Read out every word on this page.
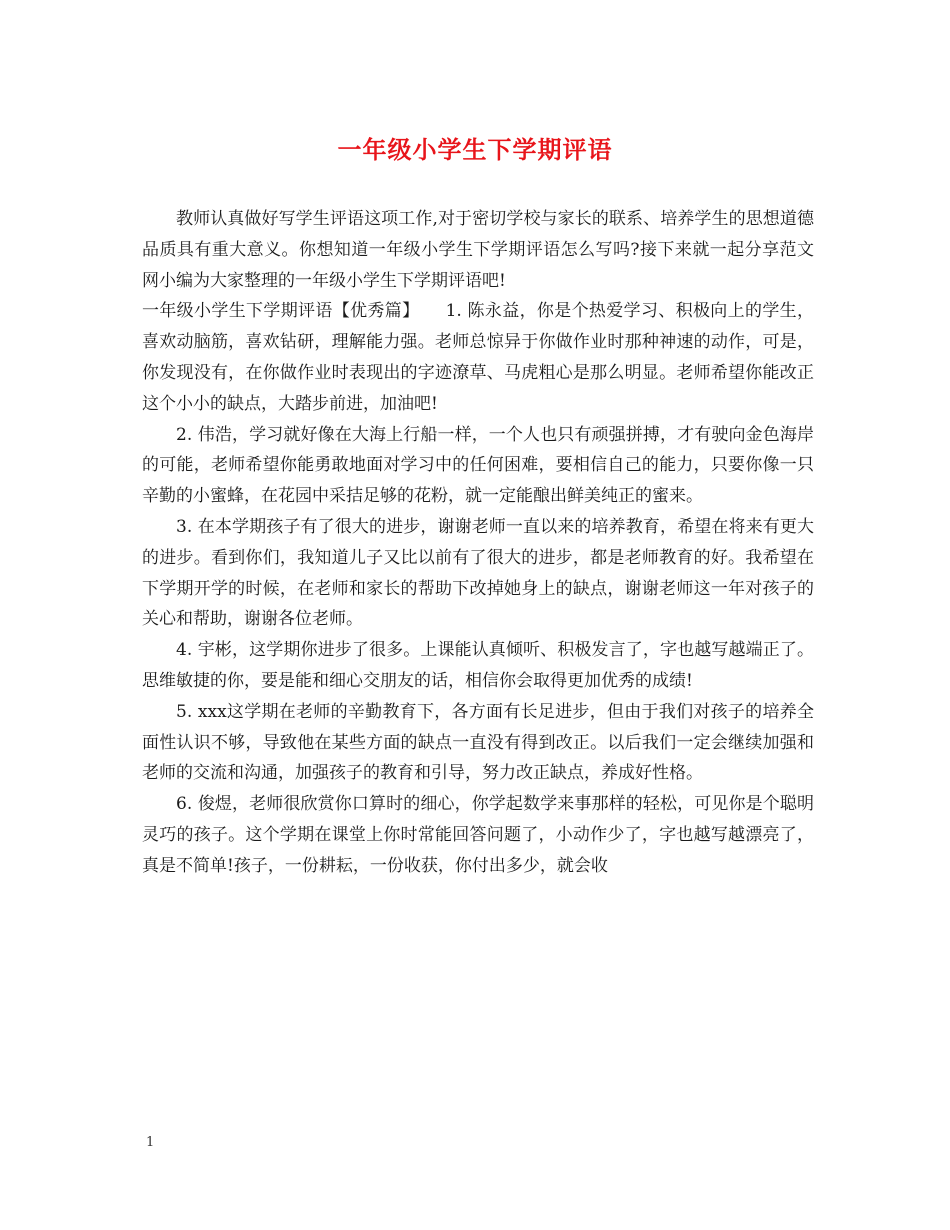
一年级小学生下学期评语

教师认真做好写学生评语这项工作,对于密切学校与家长的联系、培养学生的思想道德品质具有重大意义。你想知道一年级小学生下学期评语怎么写吗?接下来就一起分享范文网小编为大家整理的一年级小学生下学期评语吧!

一年级小学生下学期评语【优秀篇】　　1. 陈永益，你是个热爱学习、积极向上的学生，喜欢动脑筋，喜欢钻研，理解能力强。老师总惊异于你做作业时那种神速的动作，可是，你发现没有，在你做作业时表现出的字迹潦草、马虎粗心是那么明显。老师希望你能改正这个小小的缺点，大踏步前进，加油吧!

2. 伟浩，学习就好像在大海上行船一样，一个人也只有顽强拼搏，才有驶向金色海岸的可能，老师希望你能勇敢地面对学习中的任何困难，要相信自己的能力，只要你像一只辛勤的小蜜蜂，在花园中采拮足够的花粉，就一定能酿出鲜美纯正的蜜来。

3. 在本学期孩子有了很大的进步，谢谢老师一直以来的培养教育，希望在将来有更大的进步。看到你们，我知道儿子又比以前有了很大的进步，都是老师教育的好。我希望在下学期开学的时候，在老师和家长的帮助下改掉她身上的缺点，谢谢老师这一年对孩子的关心和帮助，谢谢各位老师。

4. 宇彬，这学期你进步了很多。上课能认真倾听、积极发言了，字也越写越端正了。思维敏捷的你，要是能和细心交朋友的话，相信你会取得更加优秀的成绩!

5. xxx这学期在老师的辛勤教育下，各方面有长足进步，但由于我们对孩子的培养全面性认识不够，导致他在某些方面的缺点一直没有得到改正。以后我们一定会继续加强和老师的交流和沟通，加强孩子的教育和引导，努力改正缺点，养成好性格。

6. 俊煜，老师很欣赏你口算时的细心，你学起数学来事那样的轻松，可见你是个聪明灵巧的孩子。这个学期在课堂上你时常能回答问题了，小动作少了，字也越写越漂亮了，真是不简单!孩子，一份耕耘，一份收获，你付出多少，就会收

1
